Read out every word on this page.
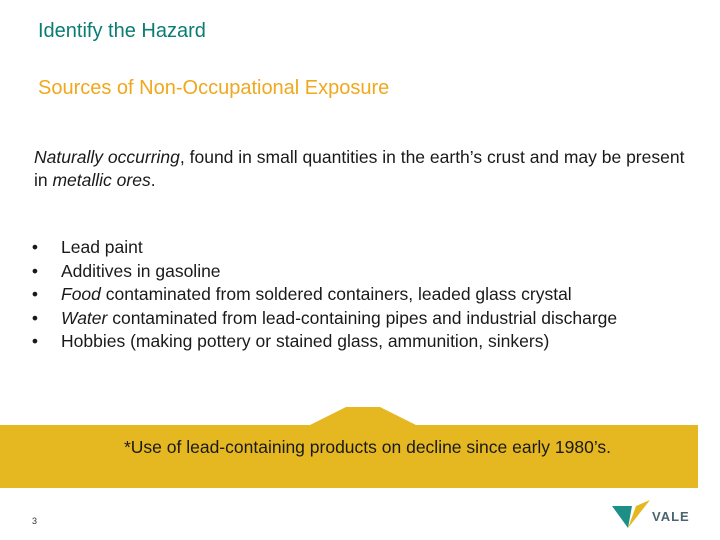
Identify the Hazard
Sources of Non-Occupational Exposure
Naturally occurring, found in small quantities in the earth’s crust and may be present in metallic ores.
• Lead paint
• Additives in gasoline
• Food contaminated from soldered containers, leaded glass crystal
• Water contaminated from lead-containing pipes and industrial discharge
• Hobbies (making pottery or stained glass, ammunition, sinkers)
*Use of lead-containing products on decline since early 1980’s.
3	VALE
